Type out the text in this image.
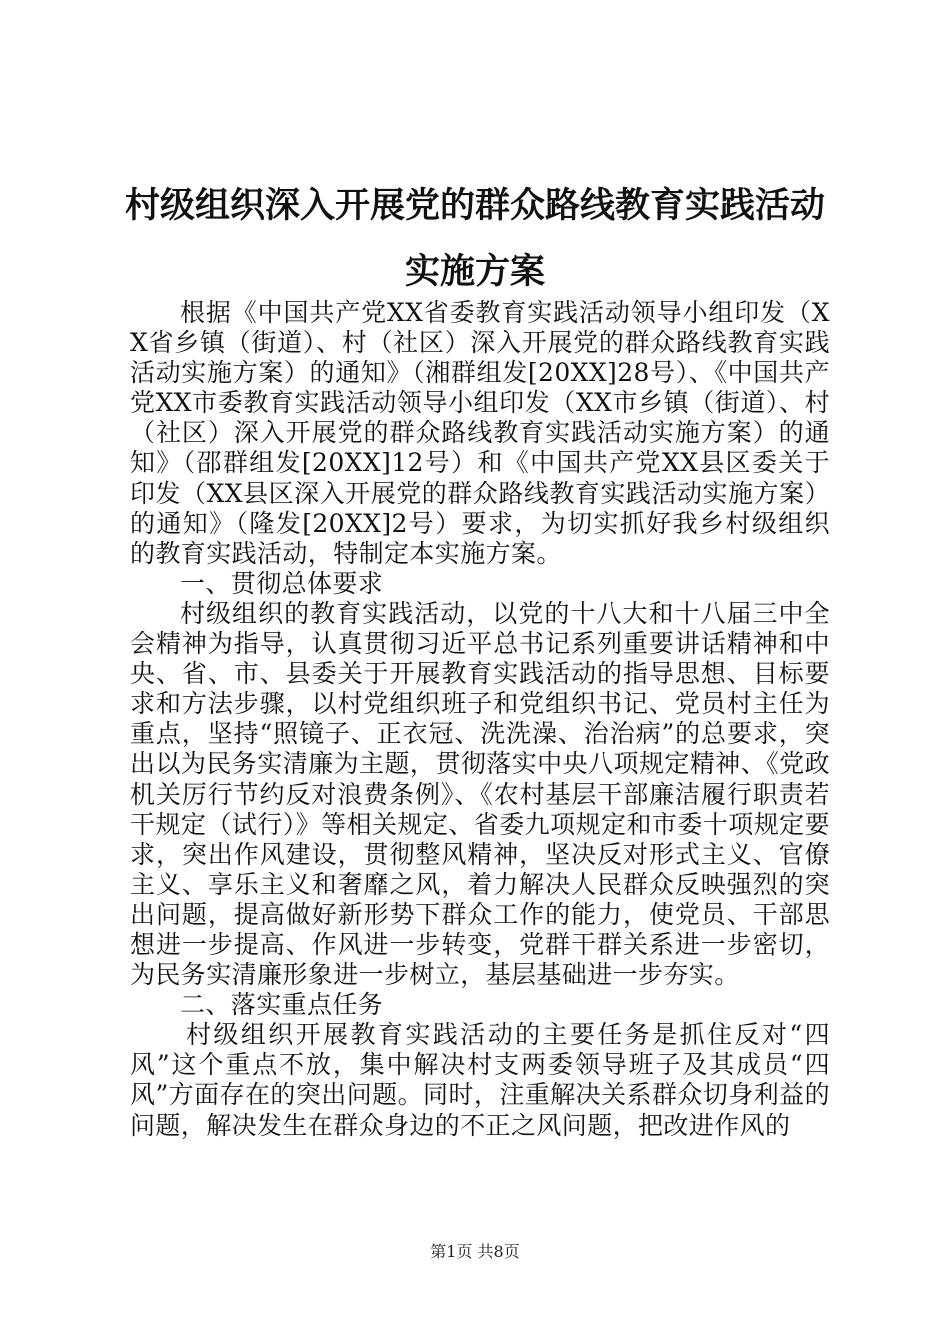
村级组织深入开展党的群众路线教育实践活动
实施方案

根据《中国共产党XX省委教育实践活动领导小组印发（XX省乡镇（街道）、村（社区）深入开展党的群众路线教育实践活动实施方案）的通知》（湘群组发[20XX]28号）、《中国共产党XX市委教育实践活动领导小组印发（XX市乡镇（街道）、村（社区）深入开展党的群众路线教育实践活动实施方案）的通知》（邵群组发[20XX]12号）和《中国共产党XX县区委关于印发（XX县区深入开展党的群众路线教育实践活动实施方案）的通知》（隆发[20XX]2号）要求，为切实抓好我乡村级组织的教育实践活动，特制定本实施方案。

一、贯彻总体要求

村级组织的教育实践活动，以党的十八大和十八届三中全会精神为指导，认真贯彻习近平总书记系列重要讲话精神和中央、省、市、县委关于开展教育实践活动的指导思想、目标要求和方法步骤，以村党组织班子和党组织书记、党员村主任为重点，坚持“照镜子、正衣冠、洗洗澡、治治病”的总要求，突出以为民务实清廉为主题，贯彻落实中央八项规定精神、《党政机关厉行节约反对浪费条例》、《农村基层干部廉洁履行职责若干规定（试行）》等相关规定、省委九项规定和市委十项规定要求，突出作风建设，贯彻整风精神，坚决反对形式主义、官僚主义、享乐主义和奢靡之风，着力解决人民群众反映强烈的突出问题，提高做好新形势下群众工作的能力，使党员、干部思想进一步提高、作风进一步转变，党群干群关系进一步密切，为民务实清廉形象进一步树立，基层基础进一步夯实。

二、落实重点任务

村级组织开展教育实践活动的主要任务是抓住反对“四风”这个重点不放，集中解决村支两委领导班子及其成员“四风”方面存在的突出问题。同时，注重解决关系群众切身利益的问题，解决发生在群众身边的不正之风问题，把改进作风的

第1页 共8页
